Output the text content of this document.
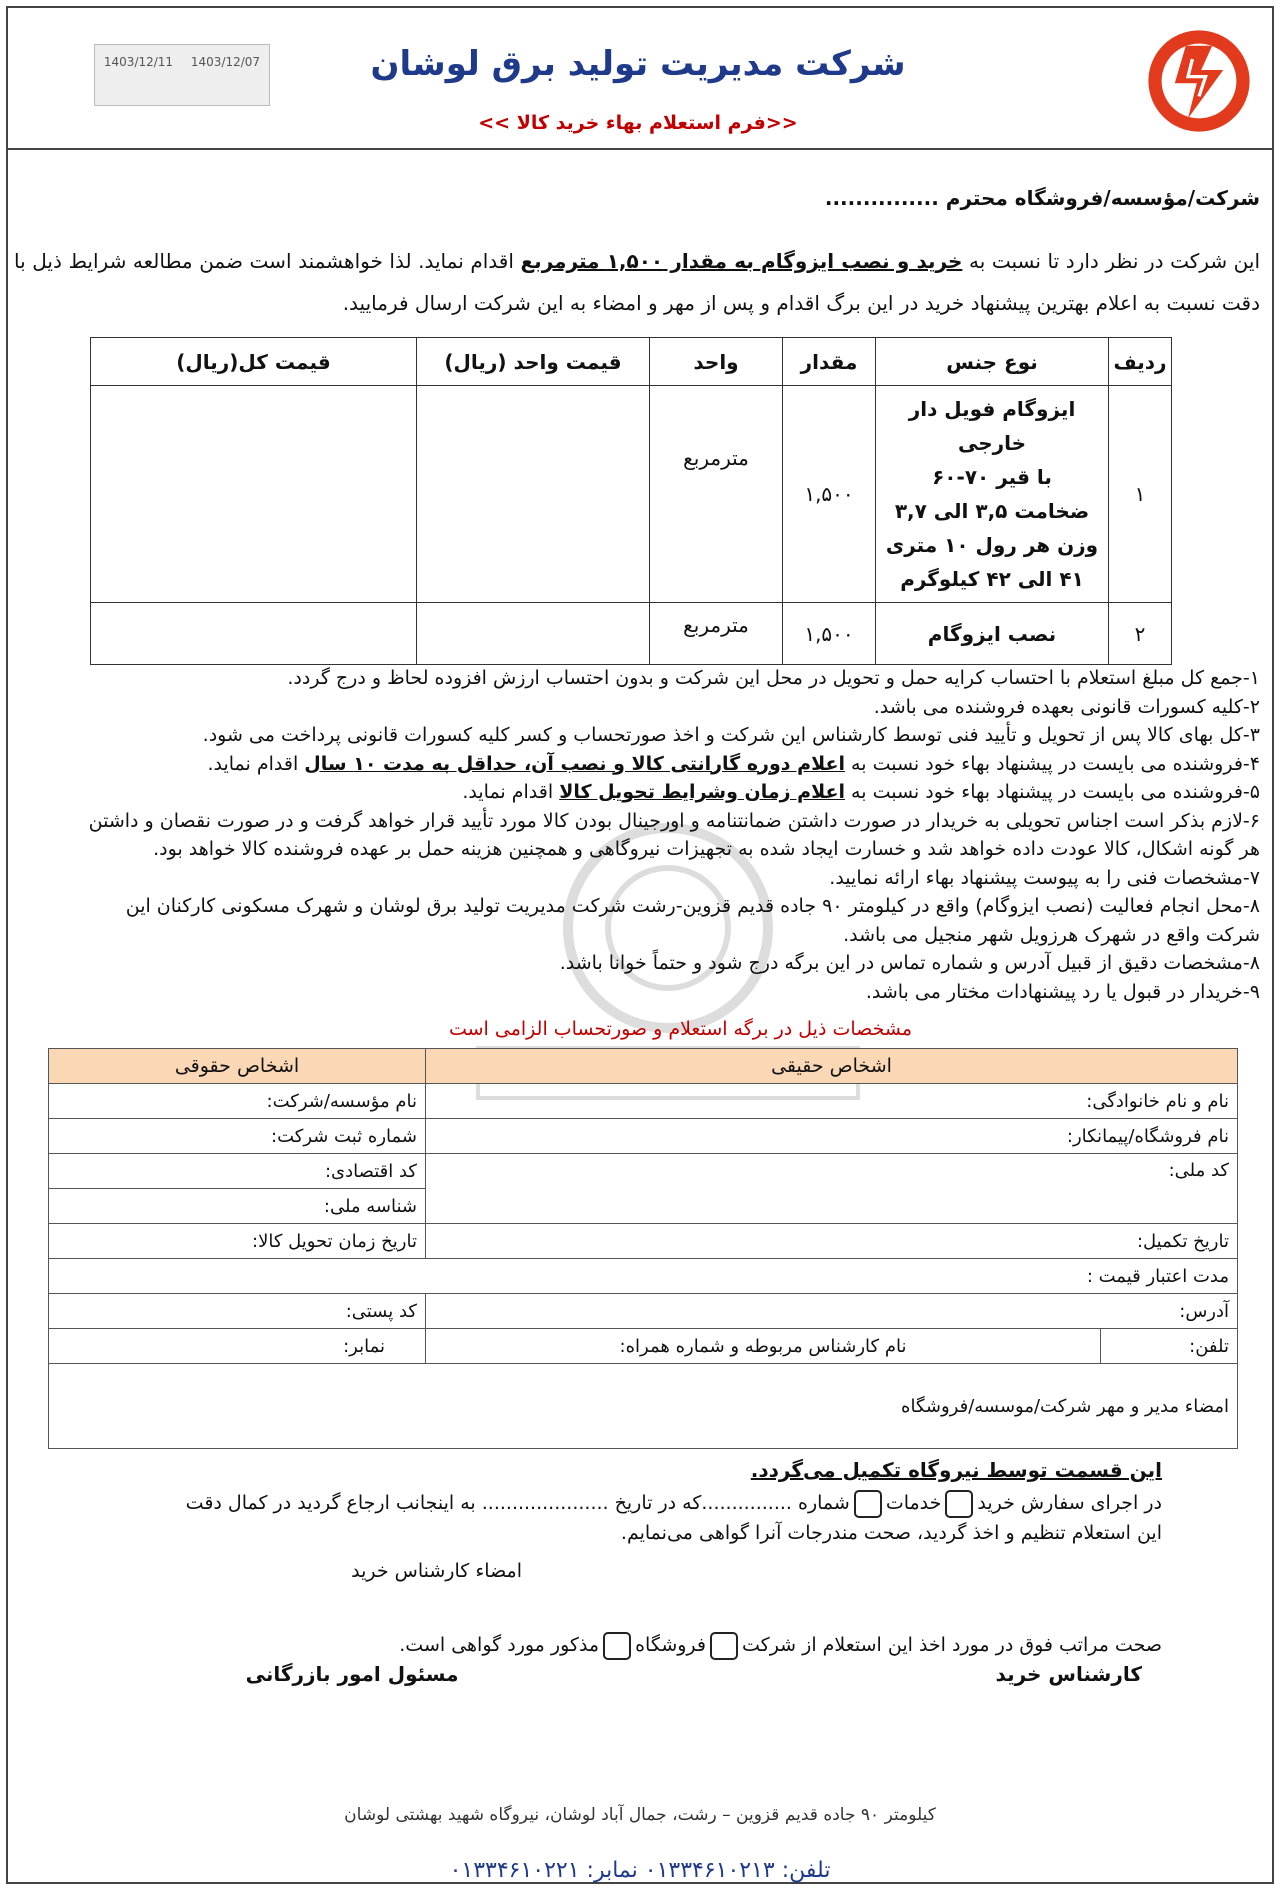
شرکت مدیریت تولید برق لوشان
<<فرم استعلام بهاء خرید کالا >>
1403/12/11 1403/12/07
شرکت/مؤسسه/فروشگاه محترم ...............
این شرکت در نظر دارد تا نسبت به خرید و نصب ایزوگام به مقدار ۱,۵۰۰ مترمربع اقدام نماید. لذا خواهشمند است ضمن مطالعه شرایط ذیل با دقت نسبت به اعلام بهترین پیشنهاد خرید در این برگ اقدام و پس از مهر و امضاء به این شرکت ارسال فرمایید.
ردیف	نوع جنس	مقدار	واحد	قیمت واحد (ریال)	قیمت کل(ریال)
۱	ایزوگام فویل دار خارجی
با قیر ۷۰-۶۰
ضخامت ۳,۵ الی ۳,۷
وزن هر رول ۱۰ متری
۴۱ الی ۴۲ کیلوگرم	۱,۵۰۰	مترمربع		
۲	نصب ایزوگام	۱,۵۰۰	مترمربع		
۱-جمع کل مبلغ استعلام با احتساب کرایه حمل و تحویل در محل این شرکت و بدون احتساب ارزش افزوده لحاظ و درج گردد.
۲-کلیه کسورات قانونی بعهده فروشنده می باشد.
۳-کل بهای کالا پس از تحویل و تأیید فنی توسط کارشناس این شرکت و اخذ صورتحساب و کسر کلیه کسورات قانونی پرداخت می شود.
۴-فروشنده می بایست در پیشنهاد بهاء خود نسبت به اعلام دوره گارانتی کالا و نصب آن، حداقل به مدت ۱۰ سال اقدام نماید.
۵-فروشنده می بایست در پیشنهاد بهاء خود نسبت به اعلام زمان وشرایط تحویل کالا اقدام نماید.
۶-لازم بذکر است اجناس تحویلی به خریدار در صورت داشتن ضمانتنامه و اورجینال بودن کالا مورد تأیید قرار خواهد گرفت و در صورت نقصان و داشتن
هر گونه اشکال، کالا عودت داده خواهد شد و خسارت ایجاد شده به تجهیزات نیروگاهی و همچنین هزینه حمل بر عهده فروشنده کالا خواهد بود.
۷-مشخصات فنی را به پیوست پیشنهاد بهاء ارائه نمایید.
۸-محل انجام فعالیت (نصب ایزوگام) واقع در کیلومتر ۹۰ جاده قدیم قزوین-رشت شرکت مدیریت تولید برق لوشان و شهرک مسکونی کارکنان این
شرکت واقع در شهرک هرزویل شهر منجیل می باشد.
۸-مشخصات دقیق از قبیل آدرس و شماره تماس در این برگه درج شود و حتماً خوانا باشد.
۹-خریدار در قبول یا رد پیشنهادات مختار می باشد.
مشخصات ذیل در برگه استعلام و صورتحساب الزامی است
اشخاص حقیقی		اشخاص حقوقی
نام و نام خانوادگی:		نام مؤسسه/شرکت:
نام فروشگاه/پیمانکار:		شماره ثبت شرکت:
کد ملی:		کد اقتصادی:
		شناسه ملی:
تاریخ تکمیل:		تاریخ زمان تحویل کالا:
مدت اعتبار قیمت :		
آدرس:		کد پستی:
تلفن:	نام کارشناس مربوطه و شماره همراه:	نمابر:
امضاء مدیر و مهر شرکت/موسسه/فروشگاه		
این قسمت توسط نیروگاه تکمیل می‌گردد.
در اجرای سفارش خریدخدماتشماره ...............که در تاریخ ..................... به اینجانب ارجاع گردید در کمال دقت
این استعلام تنظیم و اخذ گردید، صحت مندرجات آنرا گواهی می‌نمایم.
امضاء کارشناس خرید
صحت مراتب فوق در مورد اخذ این استعلام از شرکتفروشگاهمذکور مورد گواهی است.
کارشناس خرید مسئول امور بازرگانی
کیلومتر ۹۰ جاده قدیم قزوین – رشت، جمال آباد لوشان، نیروگاه شهید بهشتی لوشان
تلفن: ۰۱۳۳۴۶۱۰۲۱۳ نمابر: ۰۱۳۳۴۶۱۰۲۲۱
